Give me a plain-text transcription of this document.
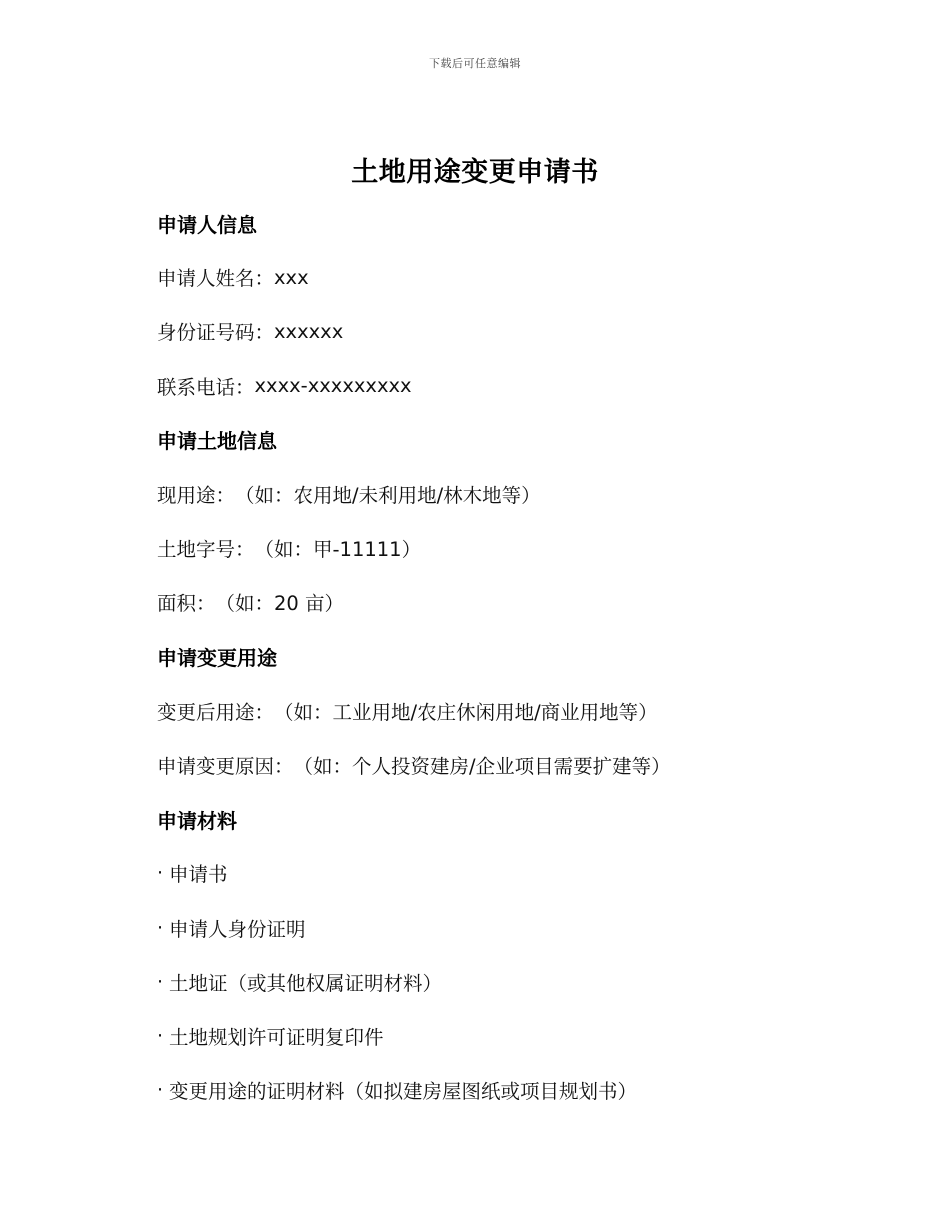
下载后可任意编辑
土地用途变更申请书
申请人信息
申请人姓名： xxx
身份证号码： xxxxxx
联系电话： xxxx-xxxxxxxxx
申请土地信息
现用途： （如：农用地/未利用地/林木地等）
土地字号： （如：甲-11111）
面积： （如：20 亩）
申请变更用途
变更后用途： （如：工业用地/农庄休闲用地/商业用地等）
申请变更原因： （如：个人投资建房/企业项目需要扩建等）
申请材料
· 申请书
· 申请人身份证明
· 土地证（或其他权属证明材料）
· 土地规划许可证明复印件
· 变更用途的证明材料（如拟建房屋图纸或项目规划书）
